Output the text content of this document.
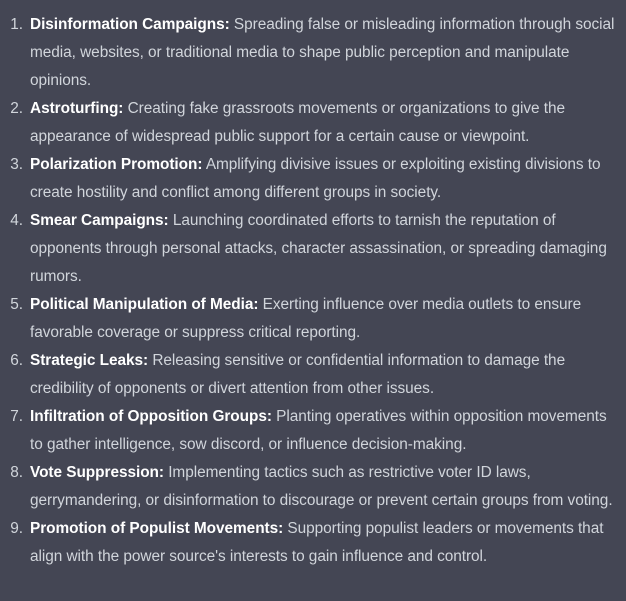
1. Disinformation Campaigns: Spreading false or misleading information through social media, websites, or traditional media to shape public perception and manipulate opinions.
2. Astroturfing: Creating fake grassroots movements or organizations to give the appearance of widespread public support for a certain cause or viewpoint.
3. Polarization Promotion: Amplifying divisive issues or exploiting existing divisions to create hostility and conflict among different groups in society.
4. Smear Campaigns: Launching coordinated efforts to tarnish the reputation of opponents through personal attacks, character assassination, or spreading damaging rumors.
5. Political Manipulation of Media: Exerting influence over media outlets to ensure favorable coverage or suppress critical reporting.
6. Strategic Leaks: Releasing sensitive or confidential information to damage the credibility of opponents or divert attention from other issues.
7. Infiltration of Opposition Groups: Planting operatives within opposition movements to gather intelligence, sow discord, or influence decision-making.
8. Vote Suppression: Implementing tactics such as restrictive voter ID laws, gerrymandering, or disinformation to discourage or prevent certain groups from voting.
9. Promotion of Populist Movements: Supporting populist leaders or movements that align with the power source's interests to gain influence and control.
